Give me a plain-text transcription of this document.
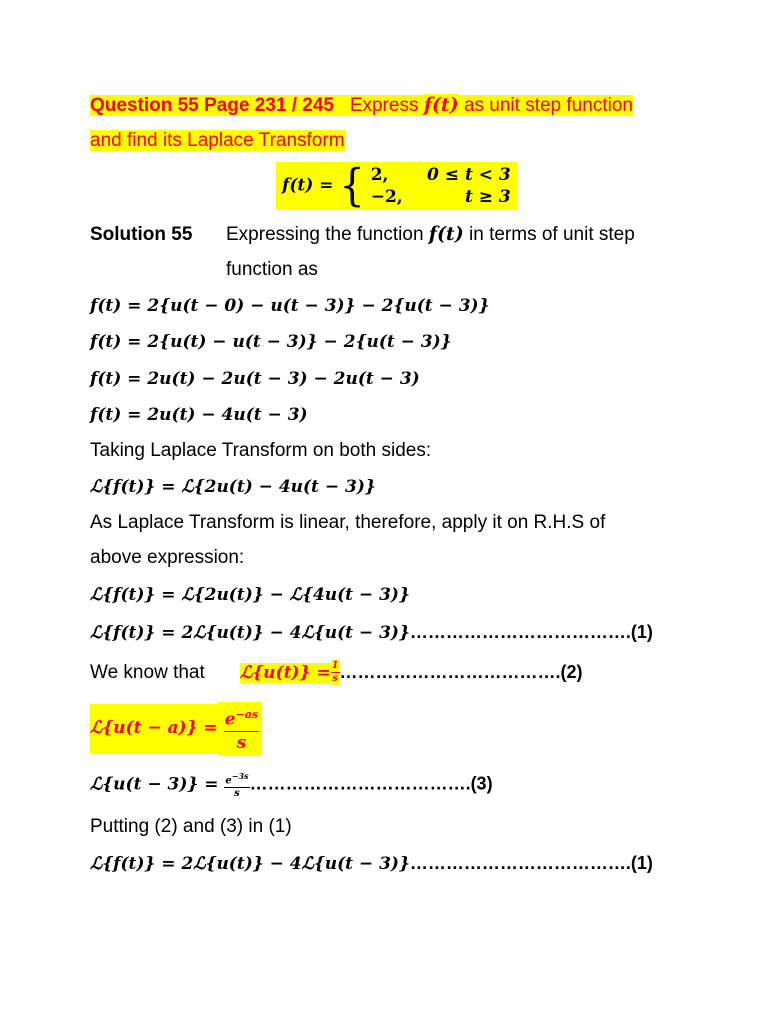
Question 55 Page 231 / 245 Express f(t) as unit step function
and find its Laplace Transform
f(t) = { 2, 0 ≤ t < 3
−2,	t ≥ 3
Solution 55 Expressing the function f(t) in terms of unit step
function as
f(t) = 2{u(t − 0) − u(t − 3)} − 2{u(t − 3)}
f(t) = 2{u(t) − u(t − 3)} − 2{u(t − 3)}
f(t) = 2u(t) − 2u(t − 3) − 2u(t − 3)
f(t) = 2u(t) − 4u(t − 3)
Taking Laplace Transform on both sides:
ℒ{f(t)} = ℒ{2u(t) − 4u(t − 3)}
As Laplace Transform is linear, therefore, apply it on R.H.S of
above expression:
ℒ{f(t)} = ℒ{2u(t)} − ℒ{4u(t − 3)}
ℒ{f(t)} = 2ℒ{u(t)} − 4ℒ{u(t − 3)}……………………………….(1)
We know that ℒ{u(t)} = $\frac{1}{s}$ ……………………………….(2)
ℒ{u(t − $a)\} = \frac{e^{-as}}{s}$
ℒ{u(t − $3)\} = \frac{e^{-3s}}{s}$ ……………………………….(3)
Putting (2) and (3) in (1)
ℒ{f(t)} = 2ℒ{u(t)} − 4ℒ{u(t − 3)}……………………………….(1)
